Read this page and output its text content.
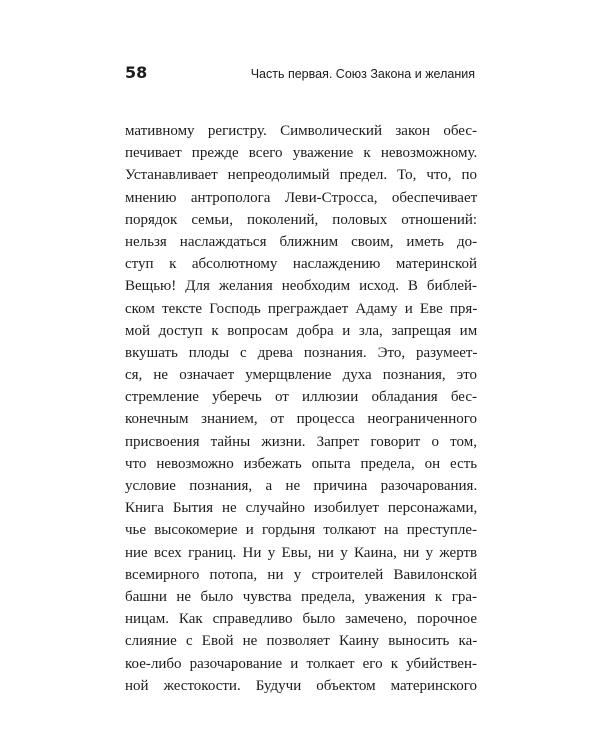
58	Часть первая. Союз Закона и желания
мативному регистру. Символический закон обес-
печивает прежде всего уважение к невозможному.
Устанавливает непреодолимый предел. То, что, по
мнению антрополога Леви-Стросса, обеспечивает
порядок семьи, поколений, половых отношений:
нельзя наслаждаться ближним своим, иметь до-
ступ к абсолютному наслаждению материнской
Вещью! Для желания необходим исход. В библей-
ском тексте Господь преграждает Адаму и Еве пря-
мой доступ к вопросам добра и зла, запрещая им
вкушать плоды с древа познания. Это, разумеет-
ся, не означает умерщвление духа познания, это
стремление уберечь от иллюзии обладания бес-
конечным знанием, от процесса неограниченного
присвоения тайны жизни. Запрет говорит о том,
что невозможно избежать опыта предела, он есть
условие познания, а не причина разочарования.
Книга Бытия не случайно изобилует персонажами,
чье высокомерие и гордыня толкают на преступле-
ние всех границ. Ни у Евы, ни у Каина, ни у жертв
всемирного потопа, ни у строителей Вавилонской
башни не было чувства предела, уважения к гра-
ницам. Как справедливо было замечено, порочное
слияние с Евой не позволяет Каину выносить ка-
кое-либо разочарование и толкает его к убийствен-
ной жестокости. Будучи объектом материнского
